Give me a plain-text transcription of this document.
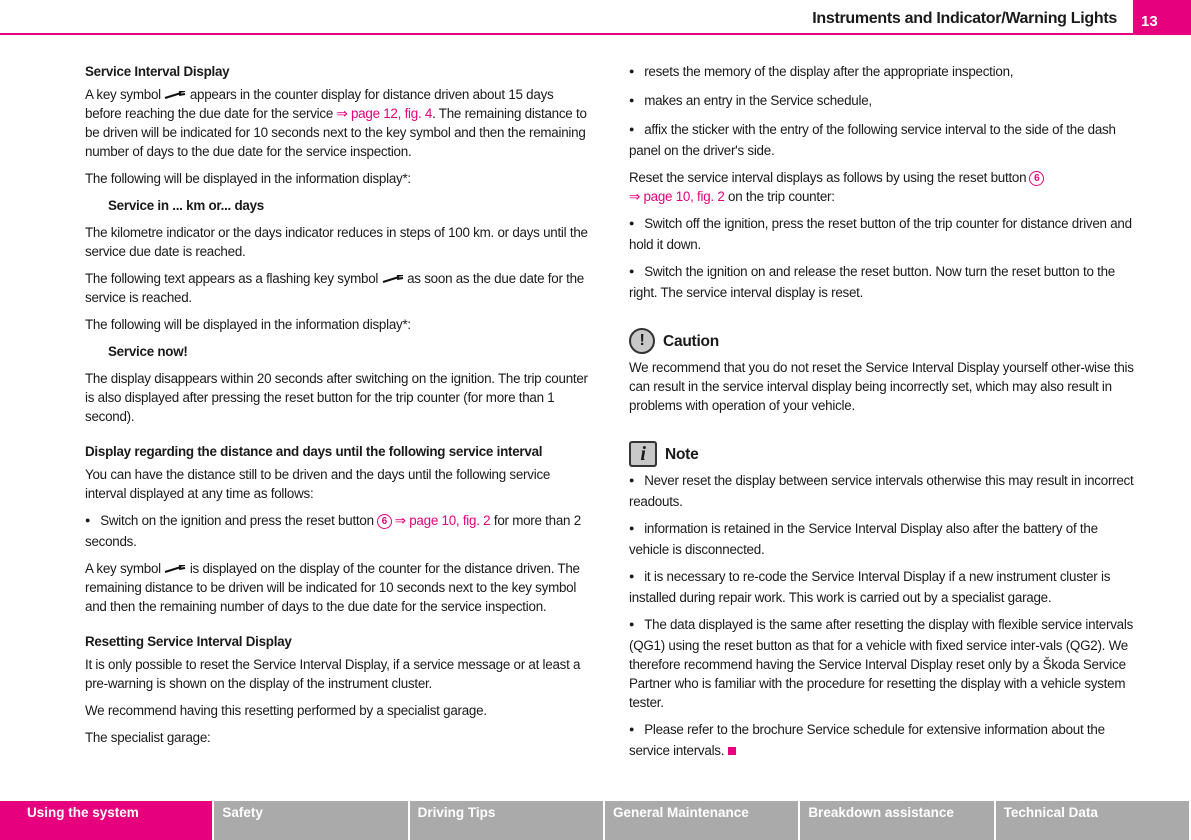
Instruments and Indicator/Warning Lights	13
Service Interval Display

A key symbol  appears in the counter display for distance driven about 15 days before reaching the due date for the service ⇒ page 12, fig. 4. The remaining distance to be driven will be indicated for 10 seconds next to the key symbol and then the remaining number of days to the due date for the service inspection.

The following will be displayed in the information display*:

Service in ... km or... days

The kilometre indicator or the days indicator reduces in steps of 100 km. or days until the service due date is reached.

The following text appears as a flashing key symbol  as soon as the due date for the service is reached.

The following will be displayed in the information display*:

Service now!

The display disappears within 20 seconds after switching on the ignition. The trip counter is also displayed after pressing the reset button for the trip counter (for more than 1 second).

Display regarding the distance and days until the following service interval

You can have the distance still to be driven and the days until the following service interval displayed at any time as follows:

● Switch on the ignition and press the reset button 6 ⇒ page 10, fig. 2 for more than 2 seconds.

A key symbol  is displayed on the display of the counter for the distance driven. The remaining distance to be driven will be indicated for 10 seconds next to the key symbol and then the remaining number of days to the due date for the service inspection.

Resetting Service Interval Display

It is only possible to reset the Service Interval Display, if a service message or at least a pre-warning is shown on the display of the instrument cluster.

We recommend having this resetting performed by a specialist garage.

The specialist garage:

● resets the memory of the display after the appropriate inspection,

● makes an entry in the Service schedule,

● affix the sticker with the entry of the following service interval to the side of the dash panel on the driver's side.

Reset the service interval displays as follows by using the reset button 6
⇒ page 10, fig. 2 on the trip counter:

● Switch off the ignition, press the reset button of the trip counter for distance driven and hold it down.

● Switch the ignition on and release the reset button. Now turn the reset button to the right. The service interval display is reset.

!	Caution

We recommend that you do not reset the Service Interval Display yourself other-wise this can result in the service interval display being incorrectly set, which may also result in problems with operation of your vehicle.

i	Note

● Never reset the display between service intervals otherwise this may result in incorrect readouts.

● information is retained in the Service Interval Display also after the battery of the vehicle is disconnected.

● it is necessary to re-code the Service Interval Display if a new instrument cluster is installed during repair work. This work is carried out by a specialist garage.

● The data displayed is the same after resetting the display with flexible service intervals (QG1) using the reset button as that for a vehicle with fixed service inter-vals (QG2). We therefore recommend having the Service Interval Display reset only by a Škoda Service Partner who is familiar with the procedure for resetting the display with a vehicle system tester.

● Please refer to the brochure Service schedule for extensive information about the service intervals.

Using the system	Safety	Driving Tips	General Maintenance	Breakdown assistance	Technical Data
